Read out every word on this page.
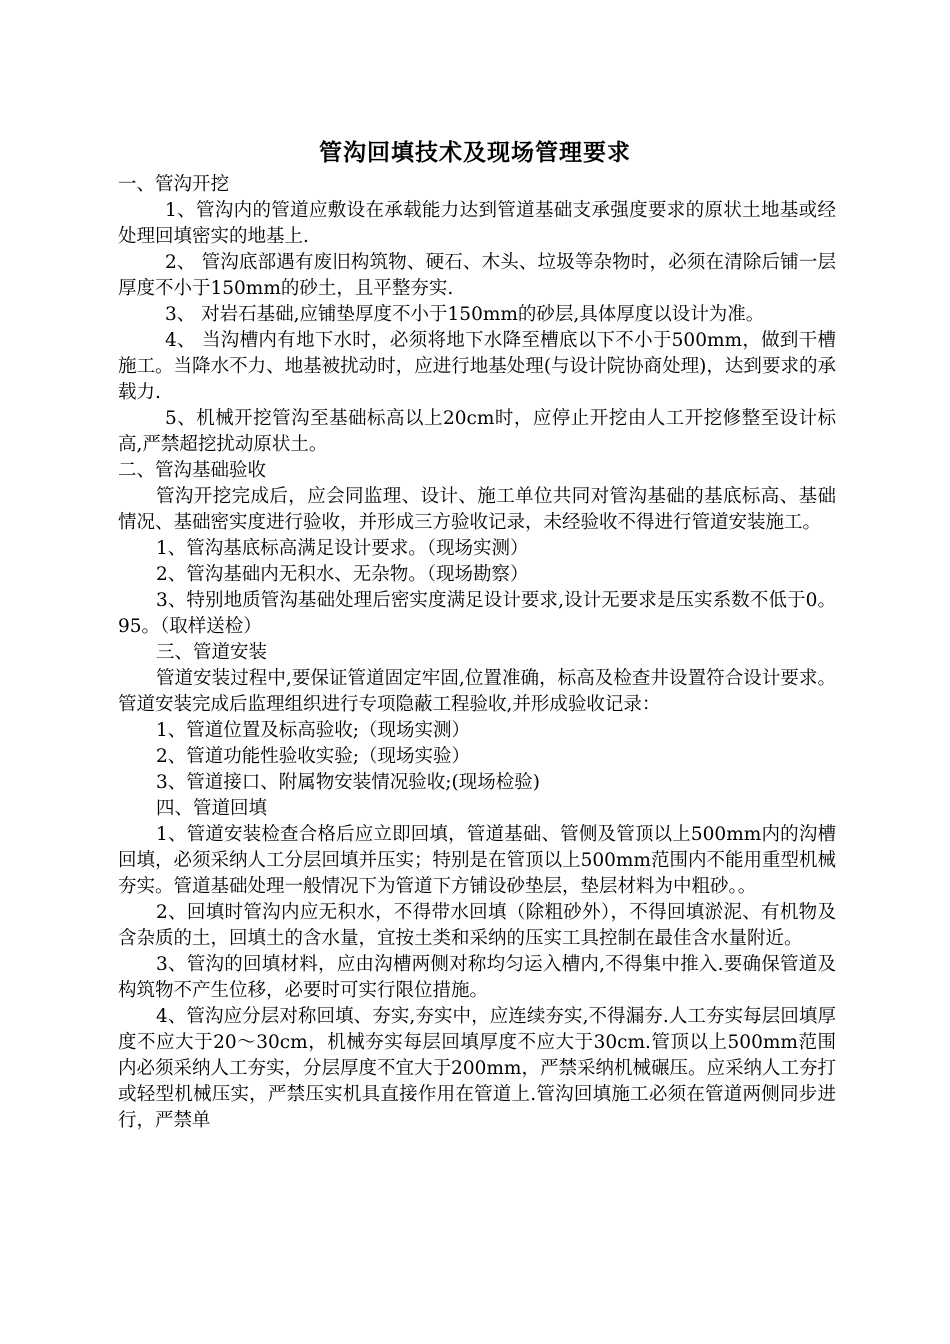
管沟回填技术及现场管理要求

一、管沟开挖

1、管沟内的管道应敷设在承载能力达到管道基础支承强度要求的原状土地基或经处理回填密实的地基上.

2、 管沟底部遇有废旧构筑物、硬石、木头、垃圾等杂物时，必须在清除后铺一层厚度不小于150mm的砂土，且平整夯实.

3、 对岩石基础,应铺垫厚度不小于150mm的砂层,具体厚度以设计为准。

4、 当沟槽内有地下水时，必须将地下水降至槽底以下不小于500mm，做到干槽施工。当降水不力、地基被扰动时，应进行地基处理(与设计院协商处理)，达到要求的承载力.

5、机械开挖管沟至基础标高以上20cm时，应停止开挖由人工开挖修整至设计标高,严禁超挖扰动原状土。

二、管沟基础验收

管沟开挖完成后，应会同监理、设计、施工单位共同对管沟基础的基底标高、基础情况、基础密实度进行验收，并形成三方验收记录，未经验收不得进行管道安装施工。

1、管沟基底标高满足设计要求。（现场实测）

2、管沟基础内无积水、无杂物。（现场勘察）

3、特别地质管沟基础处理后密实度满足设计要求,设计无要求是压实系数不低于0。95。（取样送检）

三、管道安装

管道安装过程中,要保证管道固定牢固,位置准确，标高及检查井设置符合设计要求。管道安装完成后监理组织进行专项隐蔽工程验收,并形成验收记录：

1、管道位置及标高验收;（现场实测）

2、管道功能性验收实验;（现场实验）

3、管道接口、附属物安装情况验收;(现场检验)

四、管道回填

1、管道安装检查合格后应立即回填，管道基础、管侧及管顶以上500mm内的沟槽回填，必须采纳人工分层回填并压实；特别是在管顶以上500mm范围内不能用重型机械夯实。管道基础处理一般情况下为管道下方铺设砂垫层，垫层材料为中粗砂。。

2、回填时管沟内应无积水，不得带水回填（除粗砂外），不得回填淤泥、有机物及含杂质的土，回填土的含水量，宜按土类和采纳的压实工具控制在最佳含水量附近。

3、管沟的回填材料，应由沟槽两侧对称均匀运入槽内,不得集中推入.要确保管道及构筑物不产生位移，必要时可实行限位措施。

4、管沟应分层对称回填、夯实,夯实中，应连续夯实,不得漏夯.人工夯实每层回填厚度不应大于20～30cm，机械夯实每层回填厚度不应大于30cm.管顶以上500mm范围内必须采纳人工夯实，分层厚度不宜大于200mm，严禁采纳机械碾压。应采纳人工夯打或轻型机械压实，严禁压实机具直接作用在管道上.管沟回填施工必须在管道两侧同步进行，严禁单
